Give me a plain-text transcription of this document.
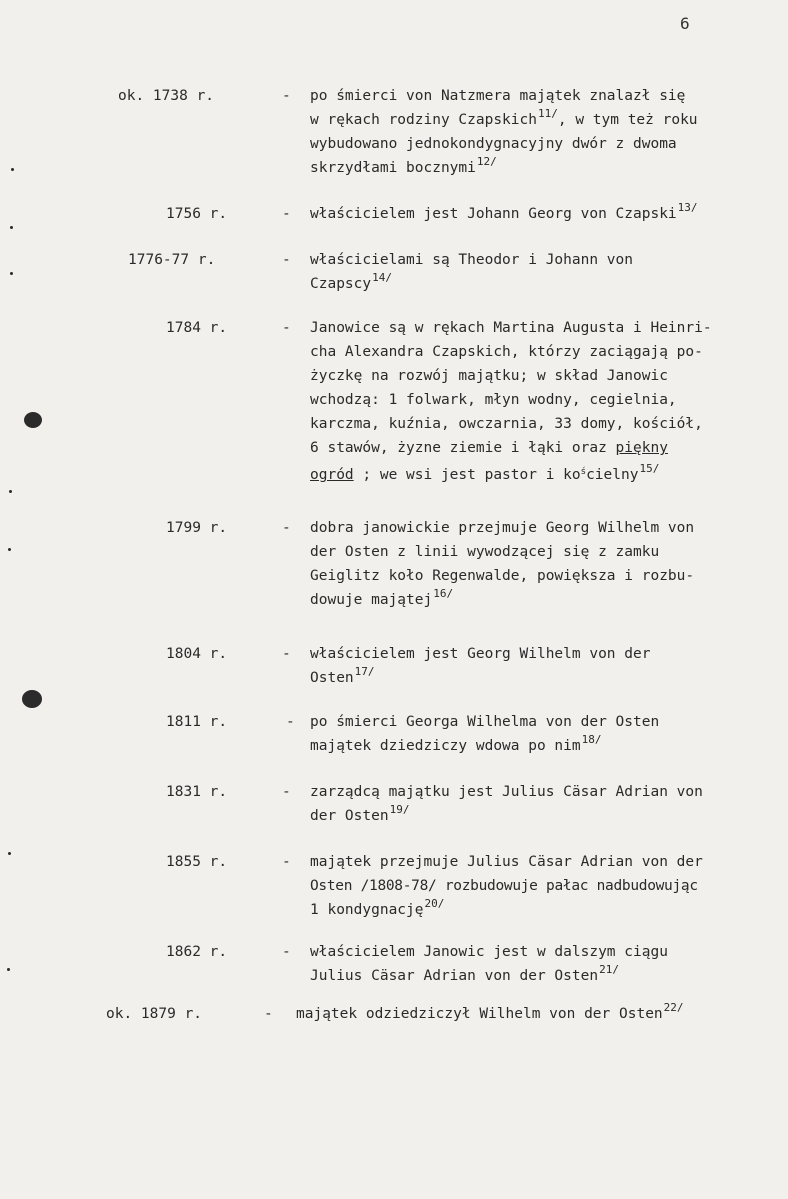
6
ok. 1738 r.	- po śmierci von Natzmera majątek znalazł się
w rękach rodziny Czapskich$^{11/}$, w tym też roku
wybudowano jednokondygnacyjny dwór z dwoma
skrzydłami bocznymi$^{12/}$
1756 r.	- właścicielem jest Johann Georg von Czapski$^{13/}$
1776-77 r.	- właścicielami są Theodor i Johann von
Czapscy$^{14/}$
1784 r.	- Janowice są w rękach Martina Augusta i Heinri-
cha Alexandra Czapskich, którzy zaciągają po-
życzkę na rozwój majątku; w skład Janowic
wchodzą: 1 folwark, młyn wodny, cegielnia,
karczma, kuźnia, owczarnia, 33 domy, kościół,
6 stawów, żyzne ziemie i łąki oraz piękny
ogród ; we wsi jest pastor i $ko^ścielny^{15/}$
1799 r.	- dobra janowickie przejmuje Georg Wilhelm von
der Osten z linii wywodzącej się z zamku
Geiglitz koło Regenwalde, powiększa i rozbu-
dowuje majątej$^{16/}$
1804 r.	- właścicielem jest Georg Wilhelm von der
Osten$^{17/}$
1811 r.	- po śmierci Georga Wilhelma von der Osten
majątek dziedziczy wdowa po nim$^{18/}$
1831 r.	- zarządcą majątku jest Julius Cäsar Adrian von
der Osten$^{19/}$
1855 r.	- majątek przejmuje Julius Cäsar Adrian von der
Osten /1808-78/ rozbudowuje pałac nadbudowując
1 kondygnację$^{20/}$
1862 r.	- właścicielem Janowic jest w dalszym ciągu
Julius Cäsar Adrian von der Osten$^{21/}$
ok. 1879 r.	- majątek odziedziczył Wilhelm von der Osten$^{22/}$
